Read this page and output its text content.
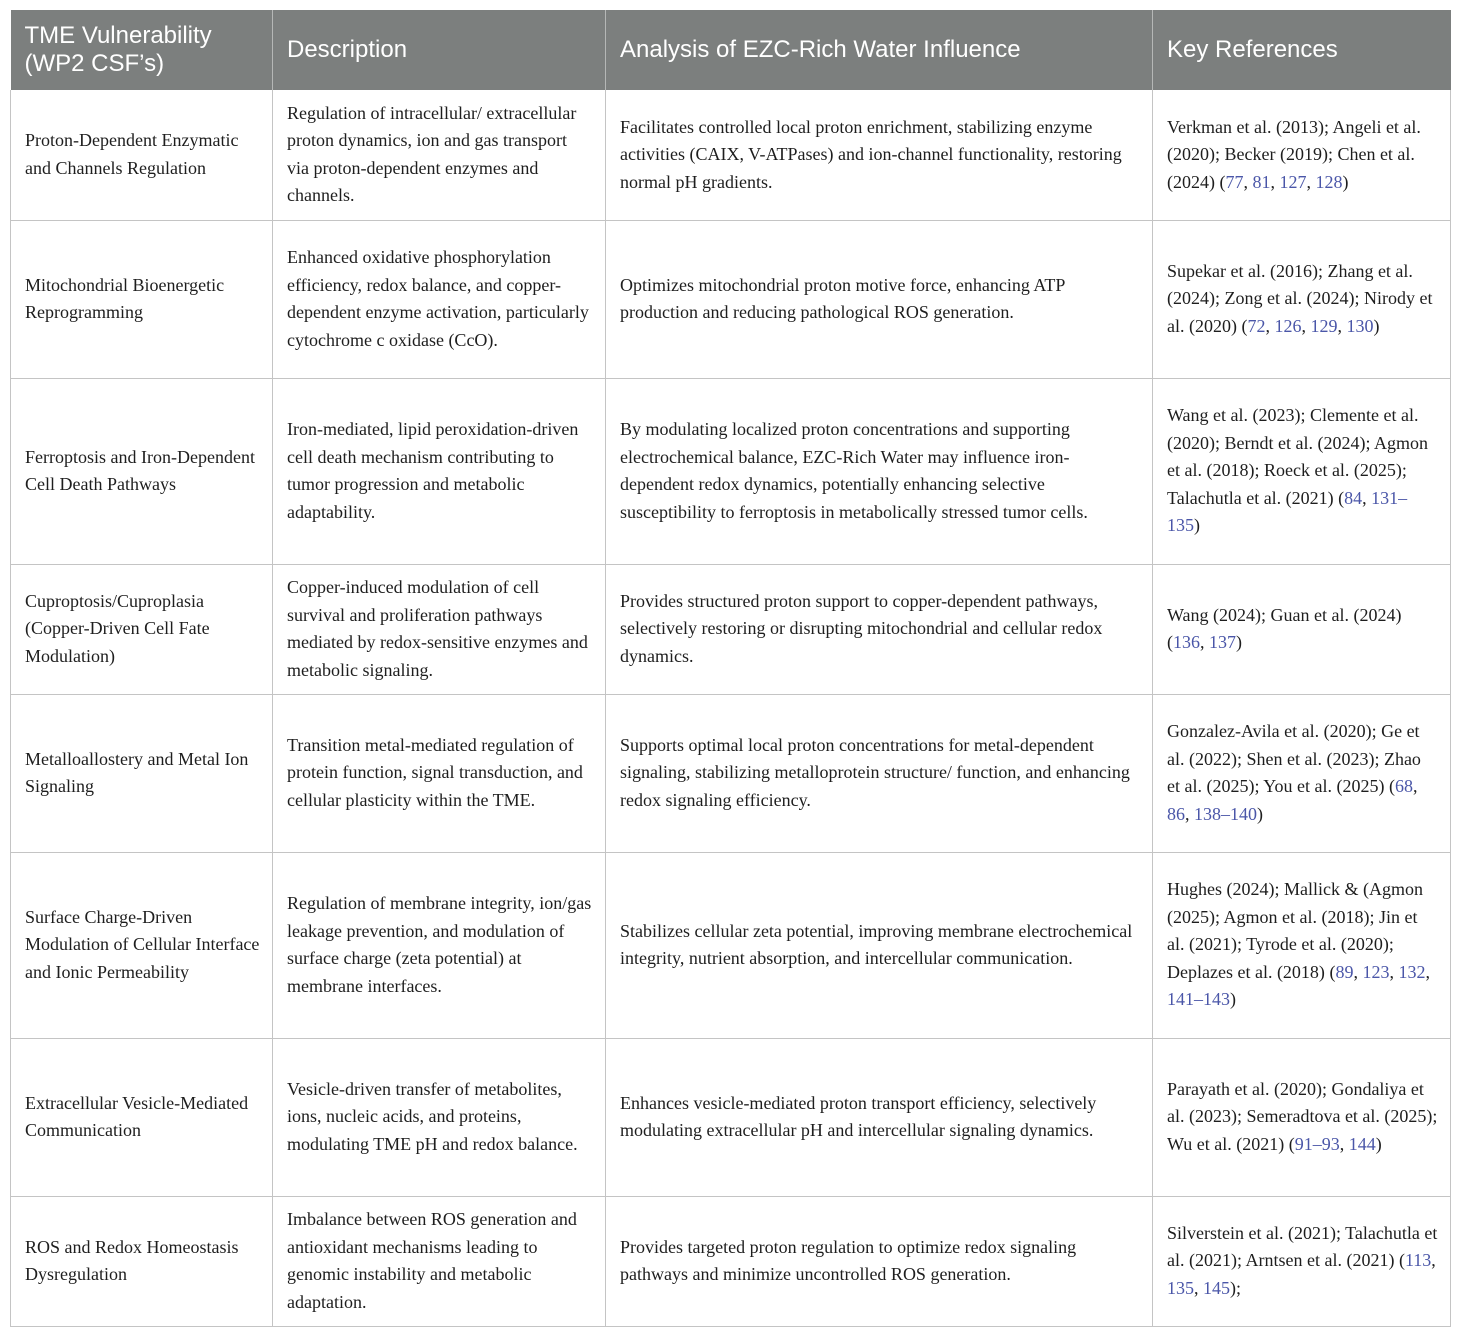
TME Vulnerability (WP2 CSF’s)	Description	Analysis of EZC-Rich Water Influence	Key References
Proton-Dependent Enzymatic and Channels Regulation	Regulation of intracellular/ extracellular proton dynamics, ion and gas transport via proton-dependent enzymes and channels.	Facilitates controlled local proton enrichment, stabilizing enzyme activities (CAIX, V-ATPases) and ion-channel functionality, restoring normal pH gradients.	Verkman et al. (2013); Angeli et al. (2020); Becker (2019); Chen et al. (2024) (77, 81, 127, 128)
Mitochondrial Bioenergetic Reprogramming	Enhanced oxidative phosphorylation efficiency, redox balance, and copper-dependent enzyme activation, particularly cytochrome c oxidase (CcO).	Optimizes mitochondrial proton motive force, enhancing ATP production and reducing pathological ROS generation.	Supekar et al. (2016); Zhang et al. (2024); Zong et al. (2024); Nirody et al. (2020) (72, 126, 129, 130)
Ferroptosis and Iron-Dependent Cell Death Pathways	Iron-mediated, lipid peroxidation-driven cell death mechanism contributing to tumor progression and metabolic adaptability.	By modulating localized proton concentrations and supporting electrochemical balance, EZC-Rich Water may influence iron-dependent redox dynamics, potentially enhancing selective susceptibility to ferroptosis in metabolically stressed tumor cells.	Wang et al. (2023); Clemente et al. (2020); Berndt et al. (2024); Agmon et al. (2018); Roeck et al. (2025); Talachutla et al. (2021) (84, 131–135)
Cuproptosis/Cuproplasia (Copper-Driven Cell Fate Modulation)	Copper-induced modulation of cell survival and proliferation pathways mediated by redox-sensitive enzymes and metabolic signaling.	Provides structured proton support to copper-dependent pathways, selectively restoring or disrupting mitochondrial and cellular redox dynamics.	Wang (2024); Guan et al. (2024) (136, 137)
Metalloallostery and Metal Ion Signaling	Transition metal-mediated regulation of protein function, signal transduction, and cellular plasticity within the TME.	Supports optimal local proton concentrations for metal-dependent signaling, stabilizing metalloprotein structure/ function, and enhancing redox signaling efficiency.	Gonzalez-Avila et al. (2020); Ge et al. (2022); Shen et al. (2023); Zhao et al. (2025); You et al. (2025) (68, 86, 138–140)
Surface Charge-Driven Modulation of Cellular Interface and Ionic Permeability	Regulation of membrane integrity, ion/gas leakage prevention, and modulation of surface charge (zeta potential) at membrane interfaces.	Stabilizes cellular zeta potential, improving membrane electrochemical integrity, nutrient absorption, and intercellular communication.	Hughes (2024); Mallick & (Agmon (2025); Agmon et al. (2018); Jin et al. (2021); Tyrode et al. (2020); Deplazes et al. (2018) (89, 123, 132, 141–143)
Extracellular Vesicle-Mediated Communication	Vesicle-driven transfer of metabolites, ions, nucleic acids, and proteins, modulating TME pH and redox balance.	Enhances vesicle-mediated proton transport efficiency, selectively modulating extracellular pH and intercellular signaling dynamics.	Parayath et al. (2020); Gondaliya et al. (2023); Semeradtova et al. (2025); Wu et al. (2021) (91–93, 144)
ROS and Redox Homeostasis Dysregulation	Imbalance between ROS generation and antioxidant mechanisms leading to genomic instability and metabolic adaptation.	Provides targeted proton regulation to optimize redox signaling pathways and minimize uncontrolled ROS generation.	Silverstein et al. (2021); Talachutla et al. (2021); Arntsen et al. (2021) (113, 135, 145);
